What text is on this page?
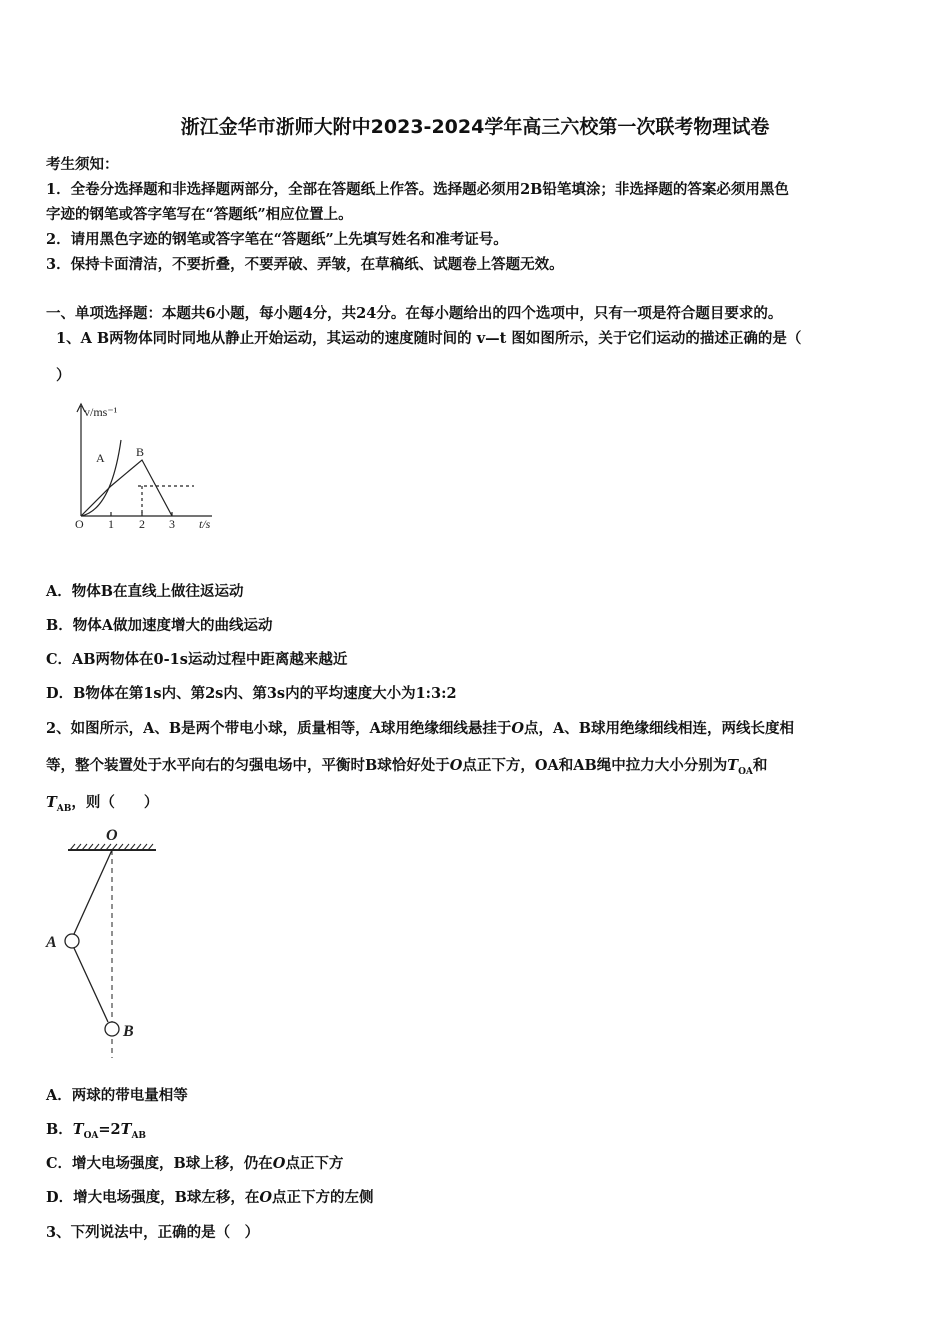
浙江金华市浙师大附中2023-2024学年高三六校第一次联考物理试卷
考生须知：
1．全卷分选择题和非选择题两部分，全部在答题纸上作答。选择题必须用2B铅笔填涂；非选择题的答案必须用黑色
字迹的钢笔或答字笔写在“答题纸”相应位置上。
2．请用黑色字迹的钢笔或答字笔在“答题纸”上先填写姓名和准考证号。
3．保持卡面清洁，不要折叠，不要弄破、弄皱，在草稿纸、试题卷上答题无效。
一、单项选择题：本题共6小题，每小题4分，共24分。在每小题给出的四个选项中，只有一项是符合题目要求的。
1、A B两物体同时同地从静止开始运动，其运动的速度随时间的 v—t 图如图所示，关于它们运动的描述正确的是（
）
v/ms⁻¹
A	B
O 1 2 3 t/s
A．物体B在直线上做往返运动
B．物体A做加速度增大的曲线运动
C．AB两物体在0-1s运动过程中距离越来越近
D．B物体在第1s内、第2s内、第3s内的平均速度大小为1:3:2
2、如图所示，A、B是两个带电小球，质量相等，A球用绝缘细线悬挂于O点，A、B球用绝缘细线相连，两线长度相
等，整个装置处于水平向右的匀强电场中，平衡时B球恰好处于O点正下方，OA和AB绳中拉力大小分别为$T_{OA}$和
$T_{AB}$，则（　　）
O
A
B
A．两球的带电量相等
B．$T_{OA}=2T_{AB}$
C．增大电场强度，B球上移，仍在O点正下方
D．增大电场强度，B球左移，在O点正下方的左侧
3、下列说法中，正确的是（　）
